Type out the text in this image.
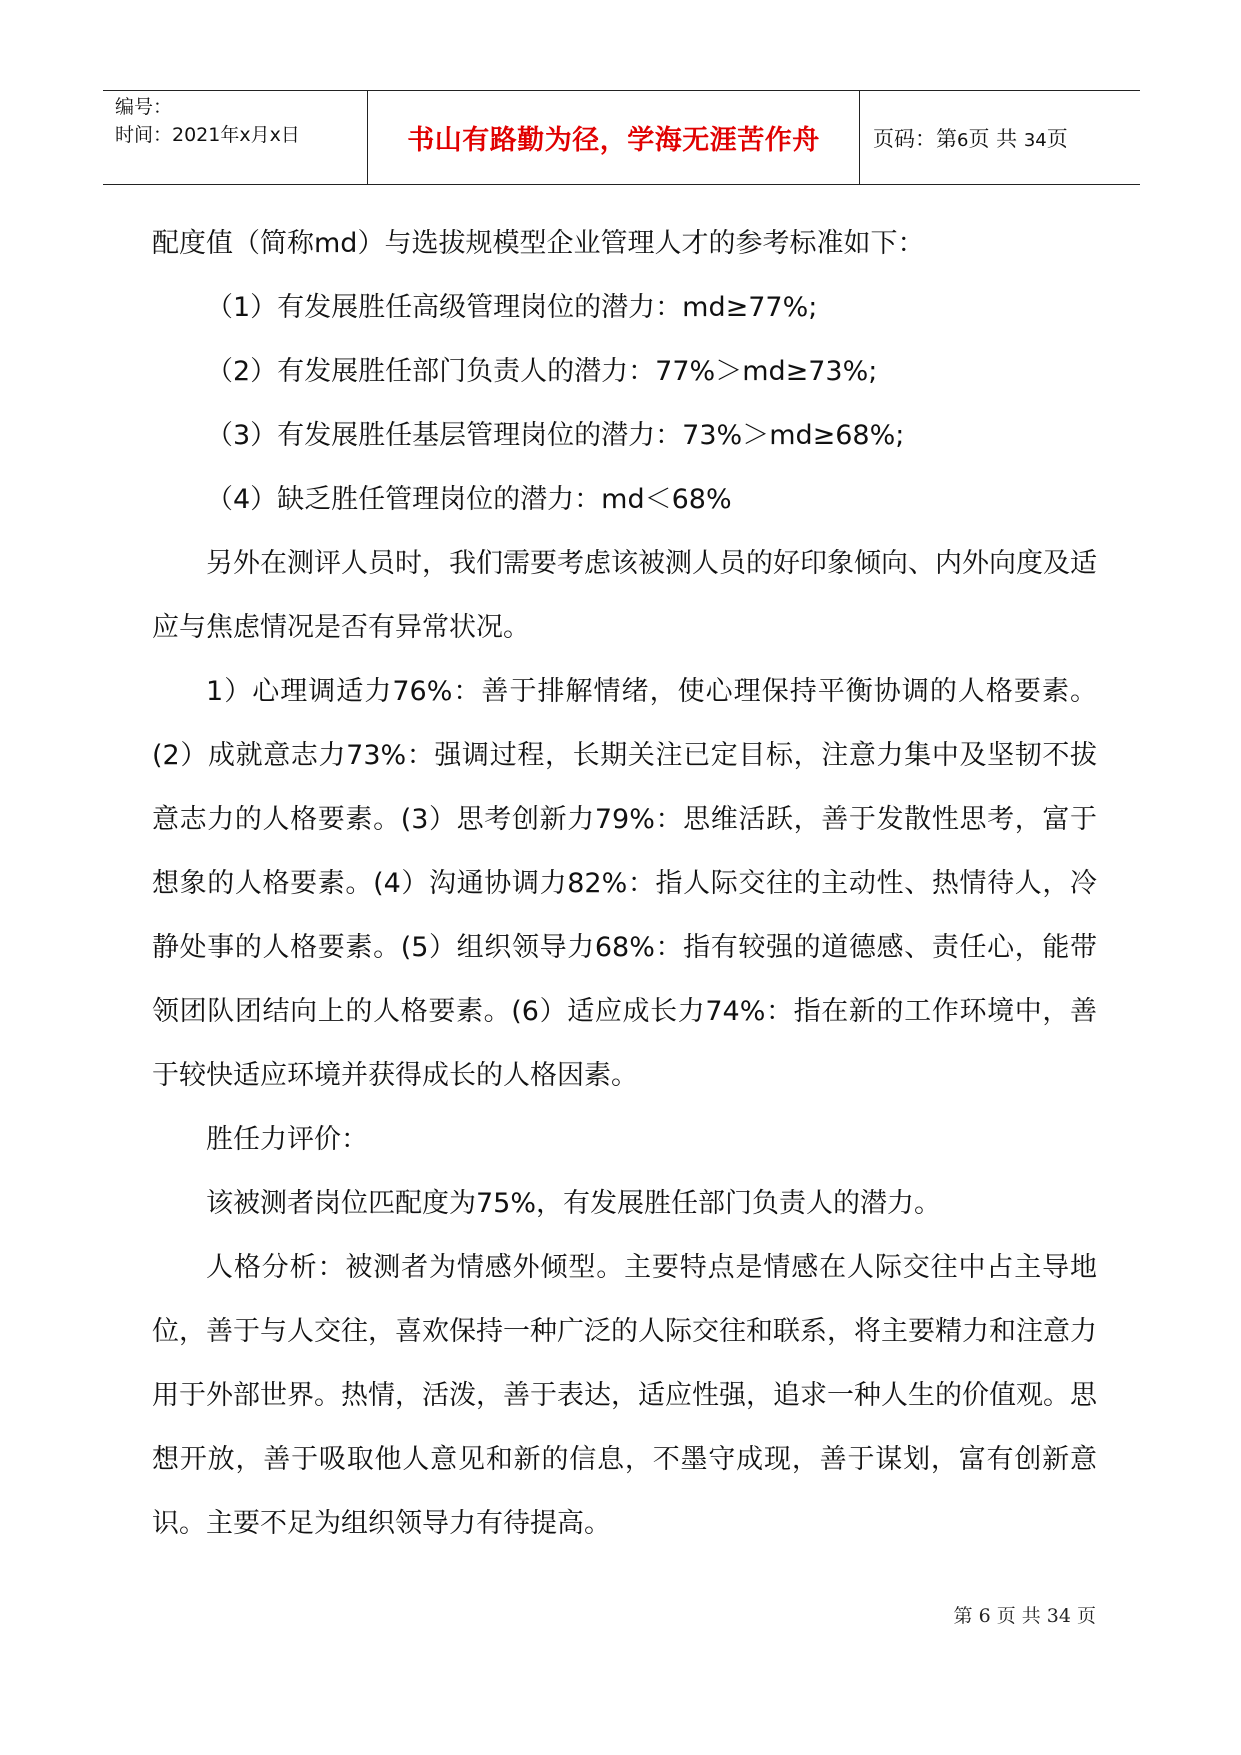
编号：
时间：2021年x月x日	书山有路勤为径，学海无涯苦作舟	页码：第6页 共 34页

配度值（简称md）与选拔规模型企业管理人才的参考标准如下：

（1）有发展胜任高级管理岗位的潜力：md≥77%;

（2）有发展胜任部门负责人的潜力：77%＞md≥73%;

（3）有发展胜任基层管理岗位的潜力：73%＞md≥68%;

（4）缺乏胜任管理岗位的潜力：md＜68%

另外在测评人员时，我们需要考虑该被测人员的好印象倾向、内外向度及适应与焦虑情况是否有异常状况。

1）心理调适力76%：善于排解情绪，使心理保持平衡协调的人格要素。(2）成就意志力73%：强调过程，长期关注已定目标，注意力集中及坚韧不拔意志力的人格要素。(3）思考创新力79%：思维活跃，善于发散性思考，富于想象的人格要素。(4）沟通协调力82%：指人际交往的主动性、热情待人，冷静处事的人格要素。(5）组织领导力68%：指有较强的道德感、责任心，能带领团队团结向上的人格要素。(6）适应成长力74%：指在新的工作环境中，善于较快适应环境并获得成长的人格因素。

胜任力评价：

该被测者岗位匹配度为75%，有发展胜任部门负责人的潜力。

人格分析：被测者为情感外倾型。主要特点是情感在人际交往中占主导地位，善于与人交往，喜欢保持一种广泛的人际交往和联系，将主要精力和注意力用于外部世界。热情，活泼，善于表达，适应性强，追求一种人生的价值观。思想开放，善于吸取他人意见和新的信息，不墨守成现，善于谋划，富有创新意识。主要不足为组织领导力有待提高。

第 6 页 共 34 页
